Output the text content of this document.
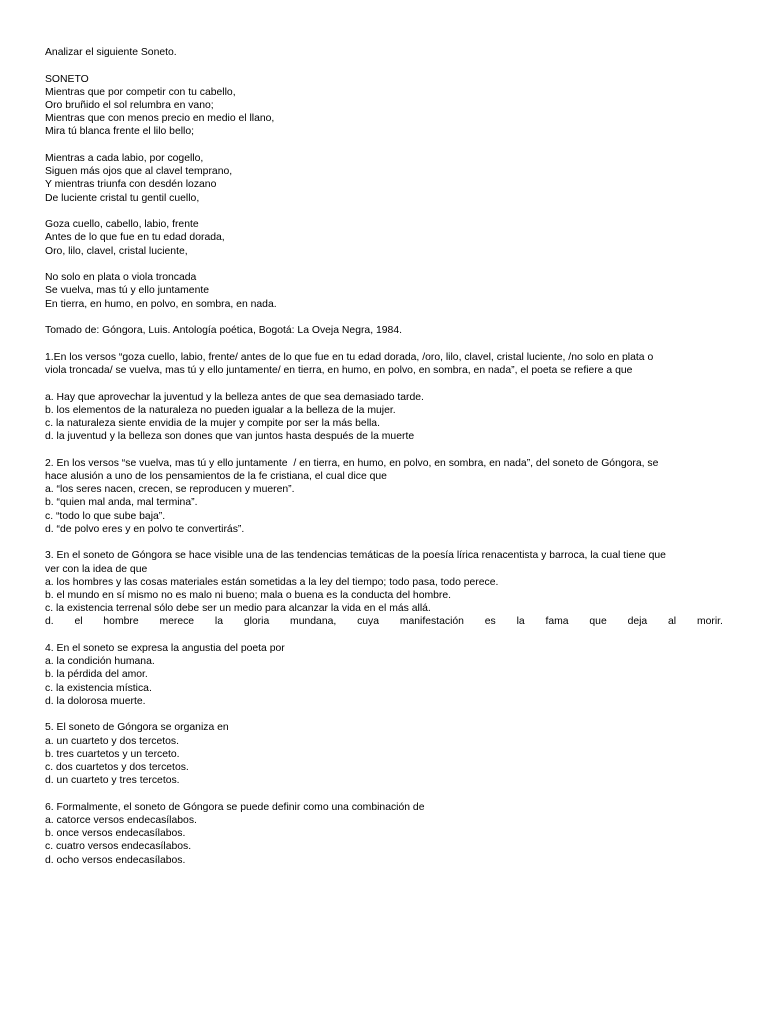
Analizar el siguiente Soneto.
SONETO
Mientras que por competir con tu cabello,
Oro bruñido el sol relumbra en vano;
Mientras que con menos precio en medio el llano,
Mira tú blanca frente el lilo bello;
Mientras a cada labio, por cogello,
Siguen más ojos que al clavel temprano,
Y mientras triunfa con desdén lozano
De luciente cristal tu gentil cuello,
Goza cuello, cabello, labio, frente
Antes de lo que fue en tu edad dorada,
Oro, lilo, clavel, cristal luciente,
No solo en plata o viola troncada
Se vuelva, mas tú y ello juntamente
En tierra, en humo, en polvo, en sombra, en nada.
Tomado de: Góngora, Luis. Antología poética, Bogotá: La Oveja Negra, 1984.
1.En los versos “goza cuello, labio, frente/ antes de lo que fue en tu edad dorada, /oro, lilo, clavel, cristal luciente, /no solo en plata o
viola troncada/ se vuelva, mas tú y ello juntamente/ en tierra, en humo, en polvo, en sombra, en nada”, el poeta se refiere a que
a. Hay que aprovechar la juventud y la belleza antes de que sea demasiado tarde.
b. los elementos de la naturaleza no pueden igualar a la belleza de la mujer.
c. la naturaleza siente envidia de la mujer y compite por ser la más bella.
d. la juventud y la belleza son dones que van juntos hasta después de la muerte
2. En los versos “se vuelva, mas tú y ello juntamente  / en tierra, en humo, en polvo, en sombra, en nada”, del soneto de Góngora, se
hace alusión a uno de los pensamientos de la fe cristiana, el cual dice que
a. “los seres nacen, crecen, se reproducen y mueren”.
b. “quien mal anda, mal termina”.
c. “todo lo que sube baja”.
d. “de polvo eres y en polvo te convertirás”.
3. En el soneto de Góngora se hace visible una de las tendencias temáticas de la poesía lírica renacentista y barroca, la cual tiene que
ver con la idea de que
a. los hombres y las cosas materiales están sometidas a la ley del tiempo; todo pasa, todo perece.
b. el mundo en sí mismo no es malo ni bueno; mala o buena es la conducta del hombre.
c. la existencia terrenal sólo debe ser un medio para alcanzar la vida en el más allá.
d. el hombre merece la gloria mundana, cuya manifestación es la fama que deja al morir.
4. En el soneto se expresa la angustia del poeta por
a. la condición humana.
b. la pérdida del amor.
c. la existencia mística.
d. la dolorosa muerte.
5. El soneto de Góngora se organiza en
a. un cuarteto y dos tercetos.
b. tres cuartetos y un terceto.
c. dos cuartetos y dos tercetos.
d. un cuarteto y tres tercetos.
6. Formalmente, el soneto de Góngora se puede definir como una combinación de
a. catorce versos endecasílabos.
b. once versos endecasílabos.
c. cuatro versos endecasílabos.
d. ocho versos endecasílabos.
